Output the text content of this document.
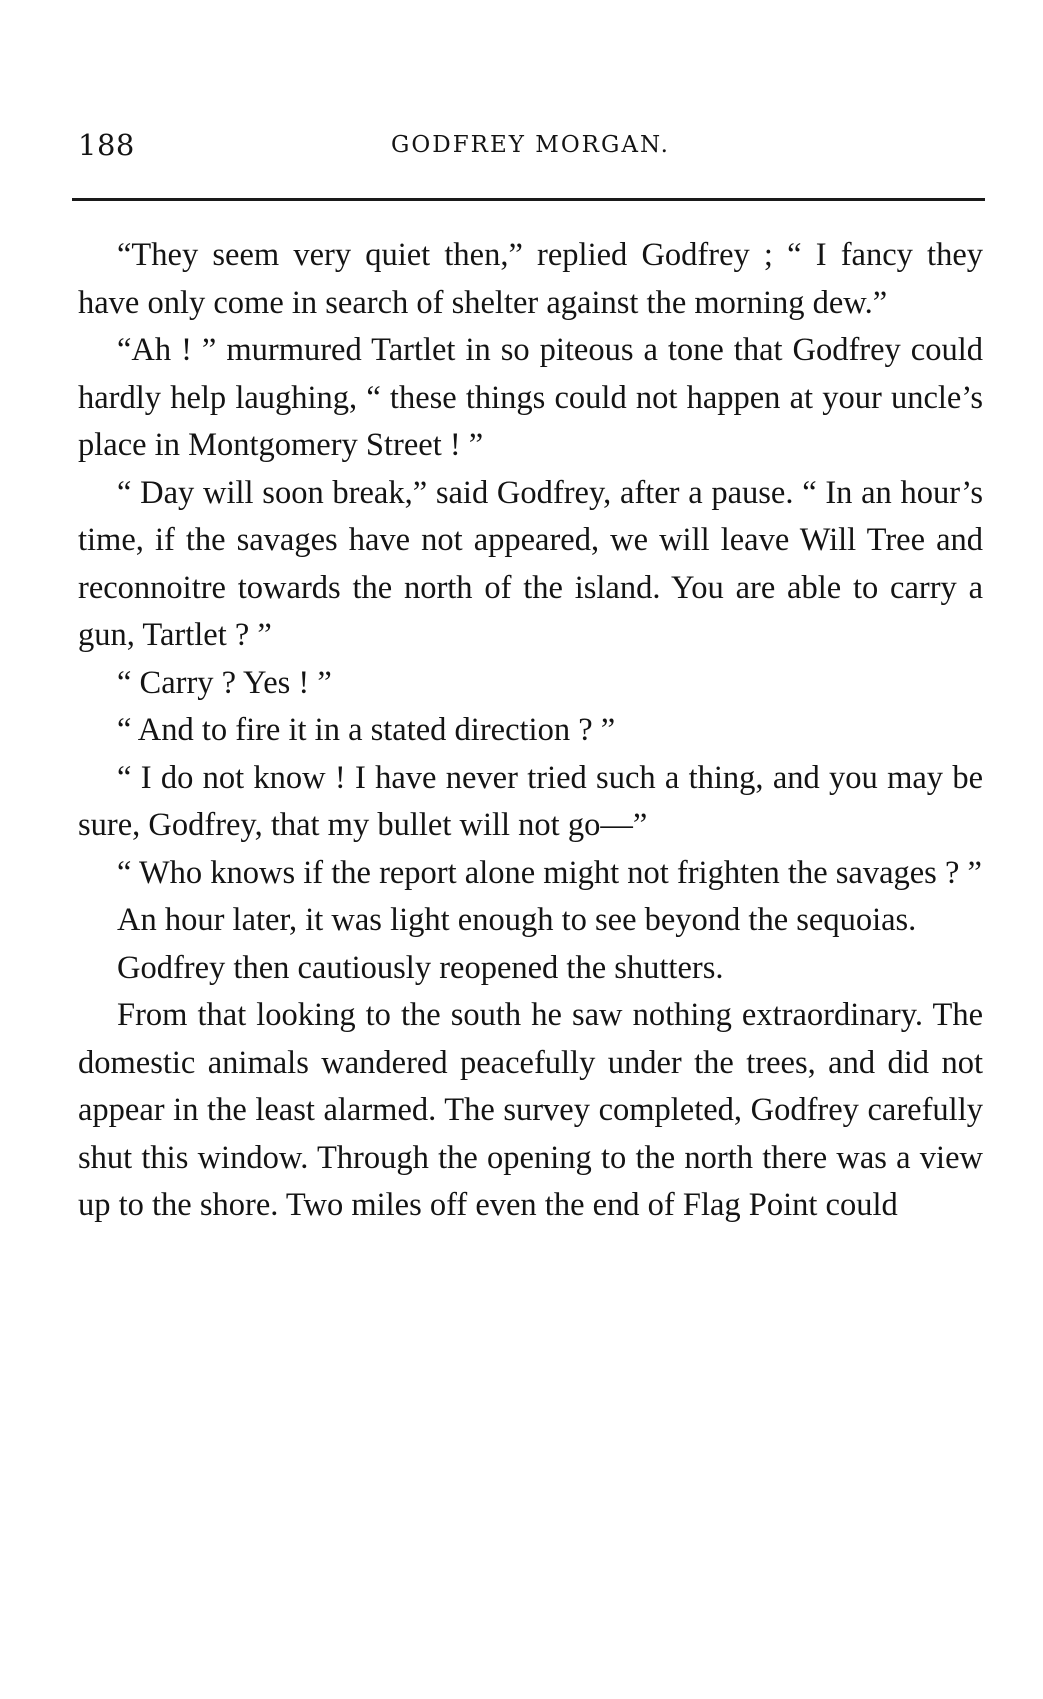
188	GODFREY MORGAN.

“They seem very quiet then,” replied Godfrey ; “ I fancy they have only come in search of shelter against the morning dew.”

“Ah ! ” murmured Tartlet in so piteous a tone that Godfrey could hardly help laughing, “ these things could not happen at your uncle’s place in Montgomery Street ! ”

“ Day will soon break,” said Godfrey, after a pause. “ In an hour’s time, if the savages have not appeared, we will leave Will Tree and reconnoitre towards the north of the island. You are able to carry a gun, Tartlet ? ”

“ Carry ? Yes ! ”

“ And to fire it in a stated direction ? ”

“ I do not know ! I have never tried such a thing, and you may be sure, Godfrey, that my bullet will not go—”

“ Who knows if the report alone might not frighten the savages ? ”

An hour later, it was light enough to see beyond the sequoias.

Godfrey then cautiously reopened the shutters.

From that looking to the south he saw nothing extraordinary. The domestic animals wandered peacefully under the trees, and did not appear in the least alarmed. The survey completed, Godfrey carefully shut this window. Through the opening to the north there was a view up to the shore. Two miles off even the end of Flag Point could
